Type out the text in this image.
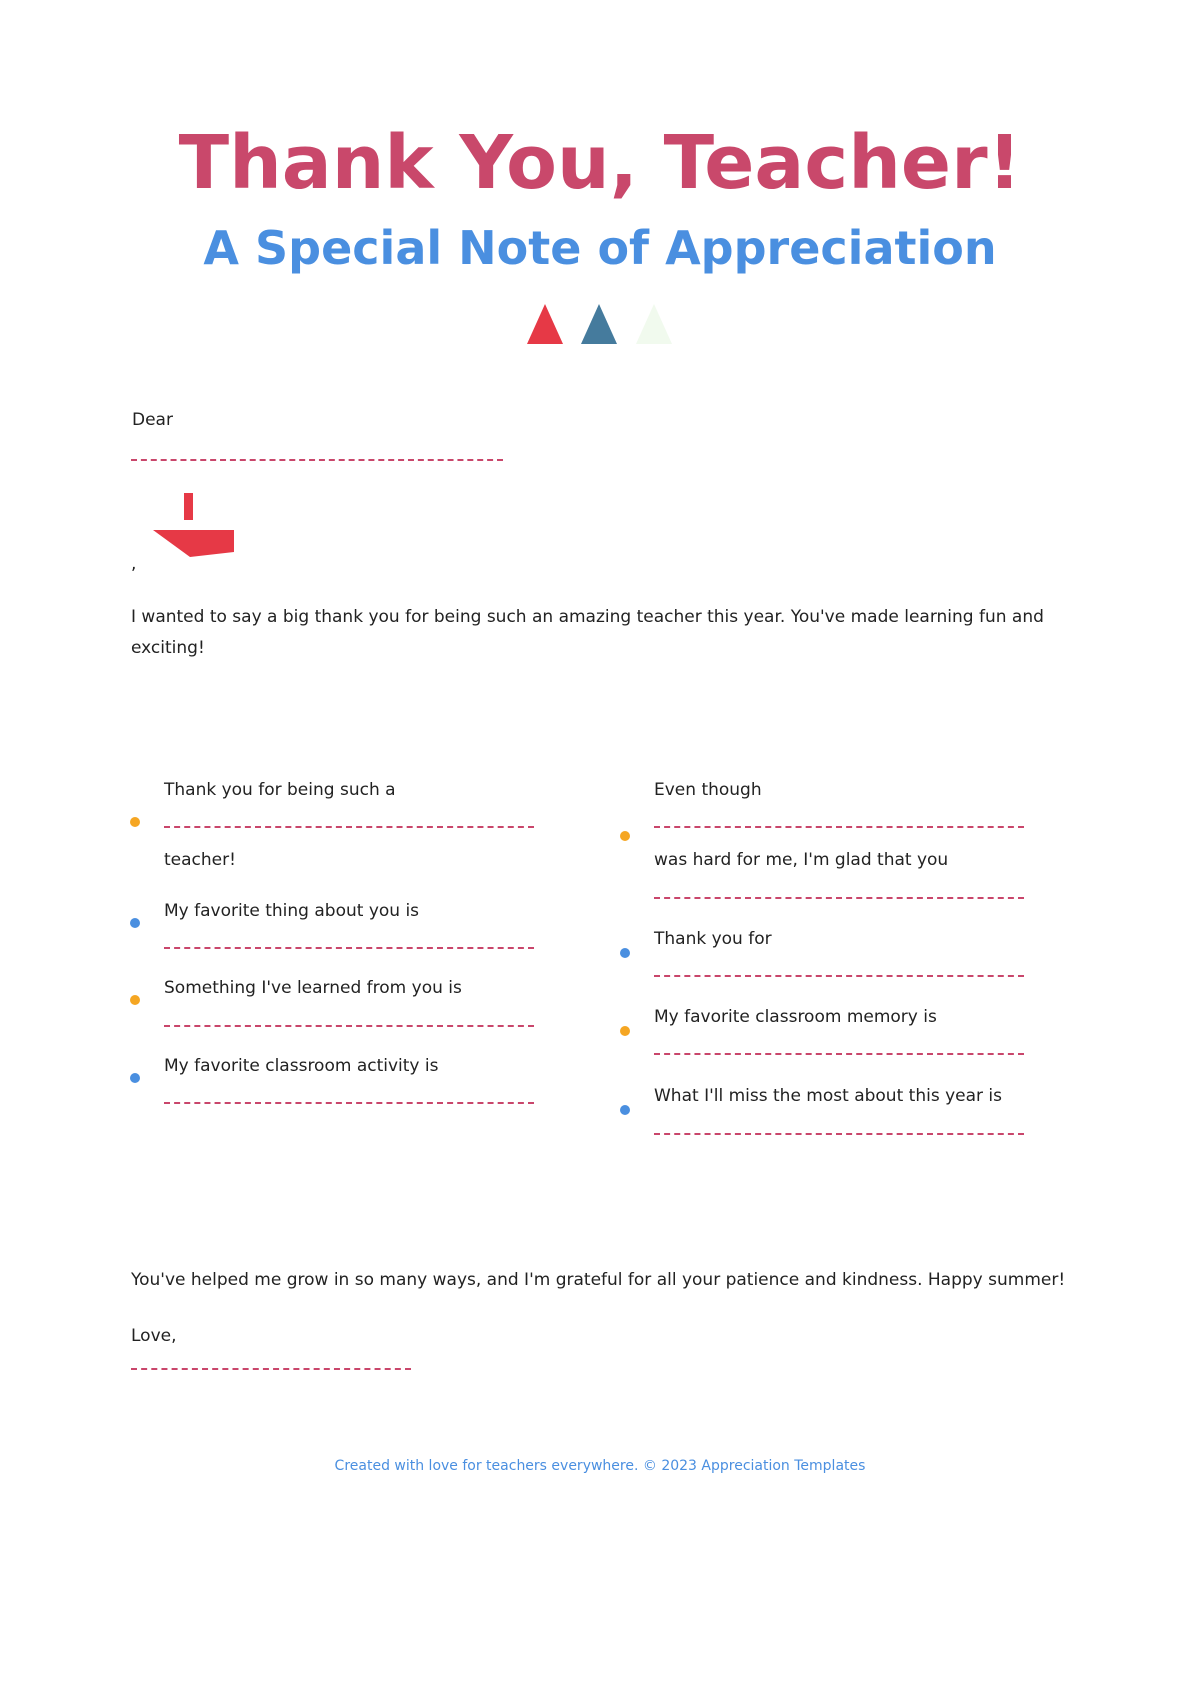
Thank You, Teacher!
A Special Note of Appreciation
Dear
,
I wanted to say a big thank you for being such an amazing teacher this year. You've made learning fun and
exciting!
Thank you for being such a
teacher!
My favorite thing about you is
Something I've learned from you is
My favorite classroom activity is
Even though
was hard for me, I'm glad that you
Thank you for
My favorite classroom memory is
What I'll miss the most about this year is
You've helped me grow in so many ways, and I'm grateful for all your patience and kindness. Happy summer!
Love,
Created with love for teachers everywhere. © 2023 Appreciation Templates
